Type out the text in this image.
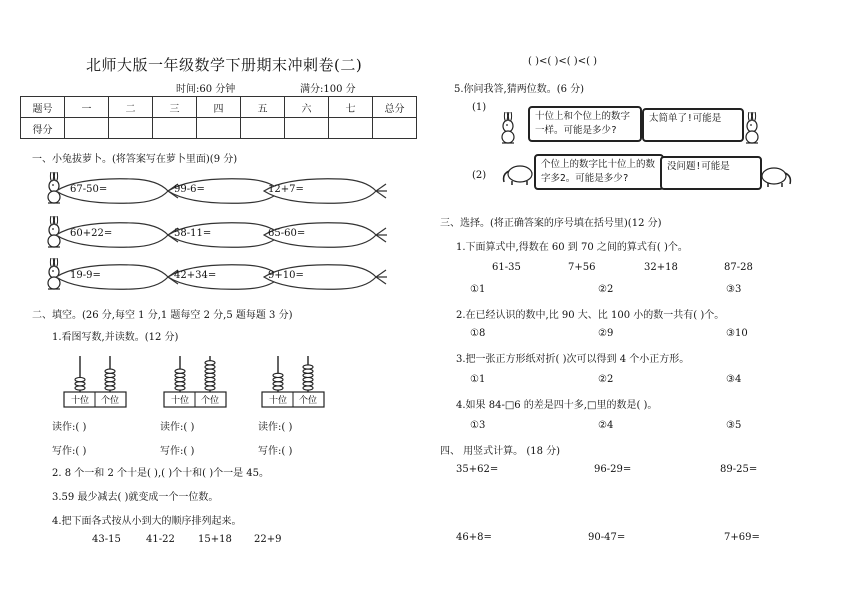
北师大版一年级数学下册期末冲刺卷(二)
时间:60 分钟	满分:100 分
题号	一	二	三	四	五	六	七	总分
得分								
一、小兔拔萝卜。(将答案写在萝卜里面)(9 分)
67-50=	99-6=	12+7=
60+22=	58-11=	65-60=
19-9=	42+34=	9+10=
二、填空。(26 分,每空 1 分,1 题每空 2 分,5 题每题 3 分)
1.看图写数,并读数。(12 分)
十位 个位	十位 个位	十位 个位
读作:( )	读作:( )	读作:( )
写作:( )	写作:( )	写作:( )
2. 8 个一和 2 个十是( ),( )个十和( )个一是 45。
3.59 最少减去( )就变成一个一位数。
4.把下面各式按从小到大的顺序排列起来。
43-15	41-22 15+18 22+9
( )<( )<( )<( )
5.你问我答,猜两位数。(6 分)
(1)
十位上和个位上的数字一样。可能是多少?
太简单了!可能是
(2)
个位上的数字比十位上的数字多2。可能是多少?
没问题!可能是
三、选择。(将正确答案的序号填在括号里)(12 分)
1.下面算式中,得数在 60 到 70 之间的算式有( )个。
61-35	7+56	32+18	87-28
①1	②2	③3
2.在已经认识的数中,比 90 大、比 100 小的数一共有( )个。
①8	②9	③10
3.把一张正方形纸对折( )次可以得到 4 个小正方形。
①1	②2	③4
4.如果 84-□6 的差是四十多,□里的数是( )。
①3	②4	③5
四、 用竖式计算。 (18 分)
35+62=	96-29=	89-25=
46+8=	90-47=	7+69=
